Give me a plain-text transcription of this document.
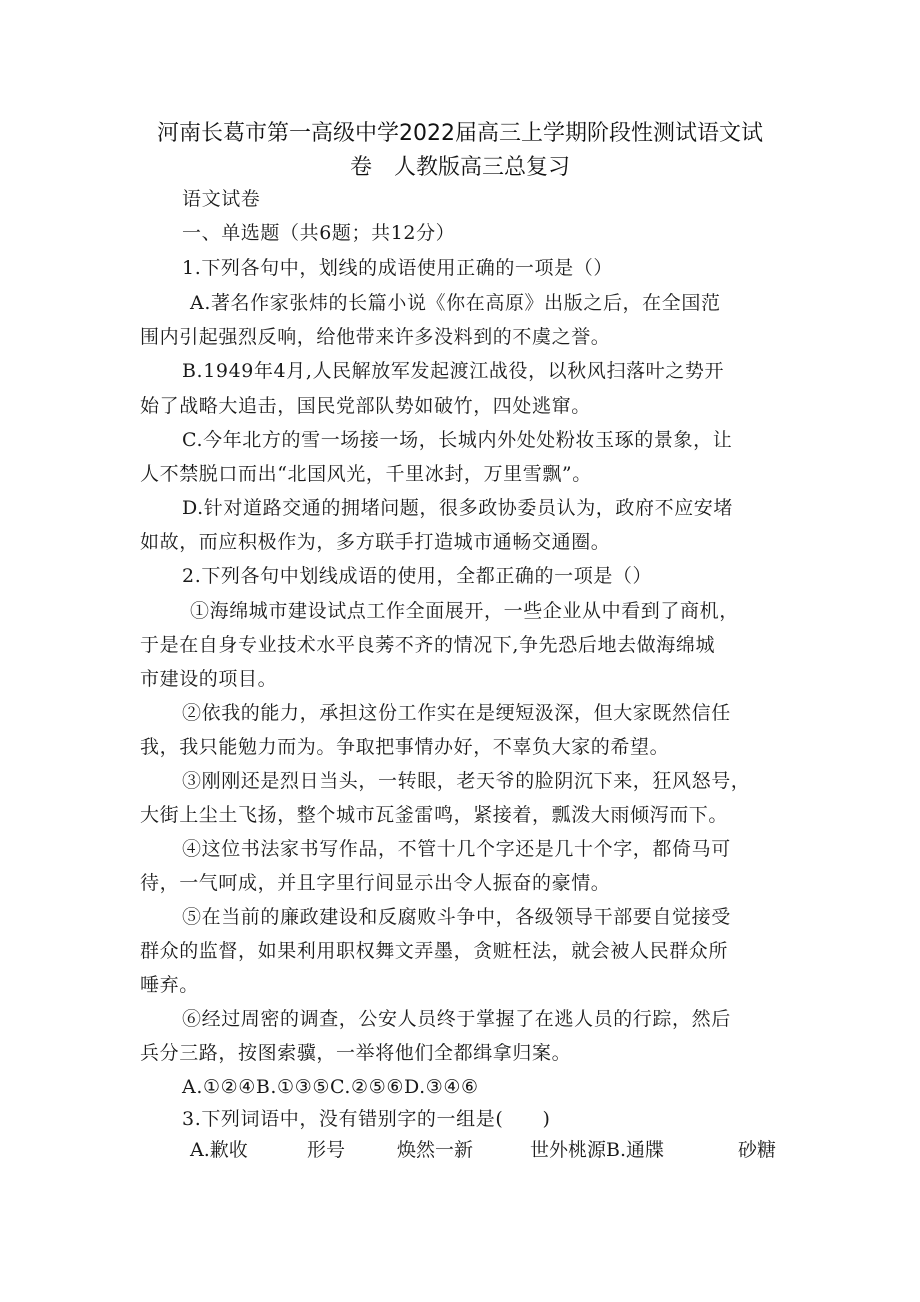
河南长葛市第一高级中学2022届高三上学期阶段性测试语文试
卷　人教版高三总复习
语文试卷
一、单选题（共6题；共12分）
1.下列各句中，划线的成语使用正确的一项是（）
A.著名作家张炜的长篇小说《你在高原》出版之后，在全国范
围内引起强烈反响，给他带来许多没料到的不虞之誉。
B.1949年4月,人民解放军发起渡江战役，以秋风扫落叶之势开
始了战略大追击，国民党部队势如破竹，四处逃窜。
C.今年北方的雪一场接一场，长城内外处处粉妆玉琢的景象，让
人不禁脱口而出“北国风光，千里冰封，万里雪飘”。
D.针对道路交通的拥堵问题，很多政协委员认为，政府不应安堵
如故，而应积极作为，多方联手打造城市通畅交通圈。
2.下列各句中划线成语的使用，全都正确的一项是（）
①海绵城市建设试点工作全面展开，一些企业从中看到了商机，
于是在自身专业技术水平良莠不齐的情况下,争先恐后地去做海绵城
市建设的项目。
②依我的能力，承担这份工作实在是绠短汲深，但大家既然信任
我，我只能勉力而为。争取把事情办好，不辜负大家的希望。
③刚刚还是烈日当头，一转眼，老天爷的脸阴沉下来，狂风怒号，
大街上尘土飞扬，整个城市瓦釜雷鸣，紧接着，瓢泼大雨倾泻而下。
④这位书法家书写作品，不管十几个字还是几十个字，都倚马可
待，一气呵成，并且字里行间显示出令人振奋的豪情。
⑤在当前的廉政建设和反腐败斗争中，各级领导干部要自觉接受
群众的监督，如果利用职权舞文弄墨，贪赃枉法，就会被人民群众所
唾弃。
⑥经过周密的调查，公安人员终于掌握了在逃人员的行踪，然后
兵分三路，按图索骥，一举将他们全都缉拿归案。
A.①②④B.①③⑤C.②⑤⑥D.③④⑥
3.下列词语中，没有错别字的一组是(　　)
A.歉收	形号	焕然一新	世外桃源B.通牒	砂糖
